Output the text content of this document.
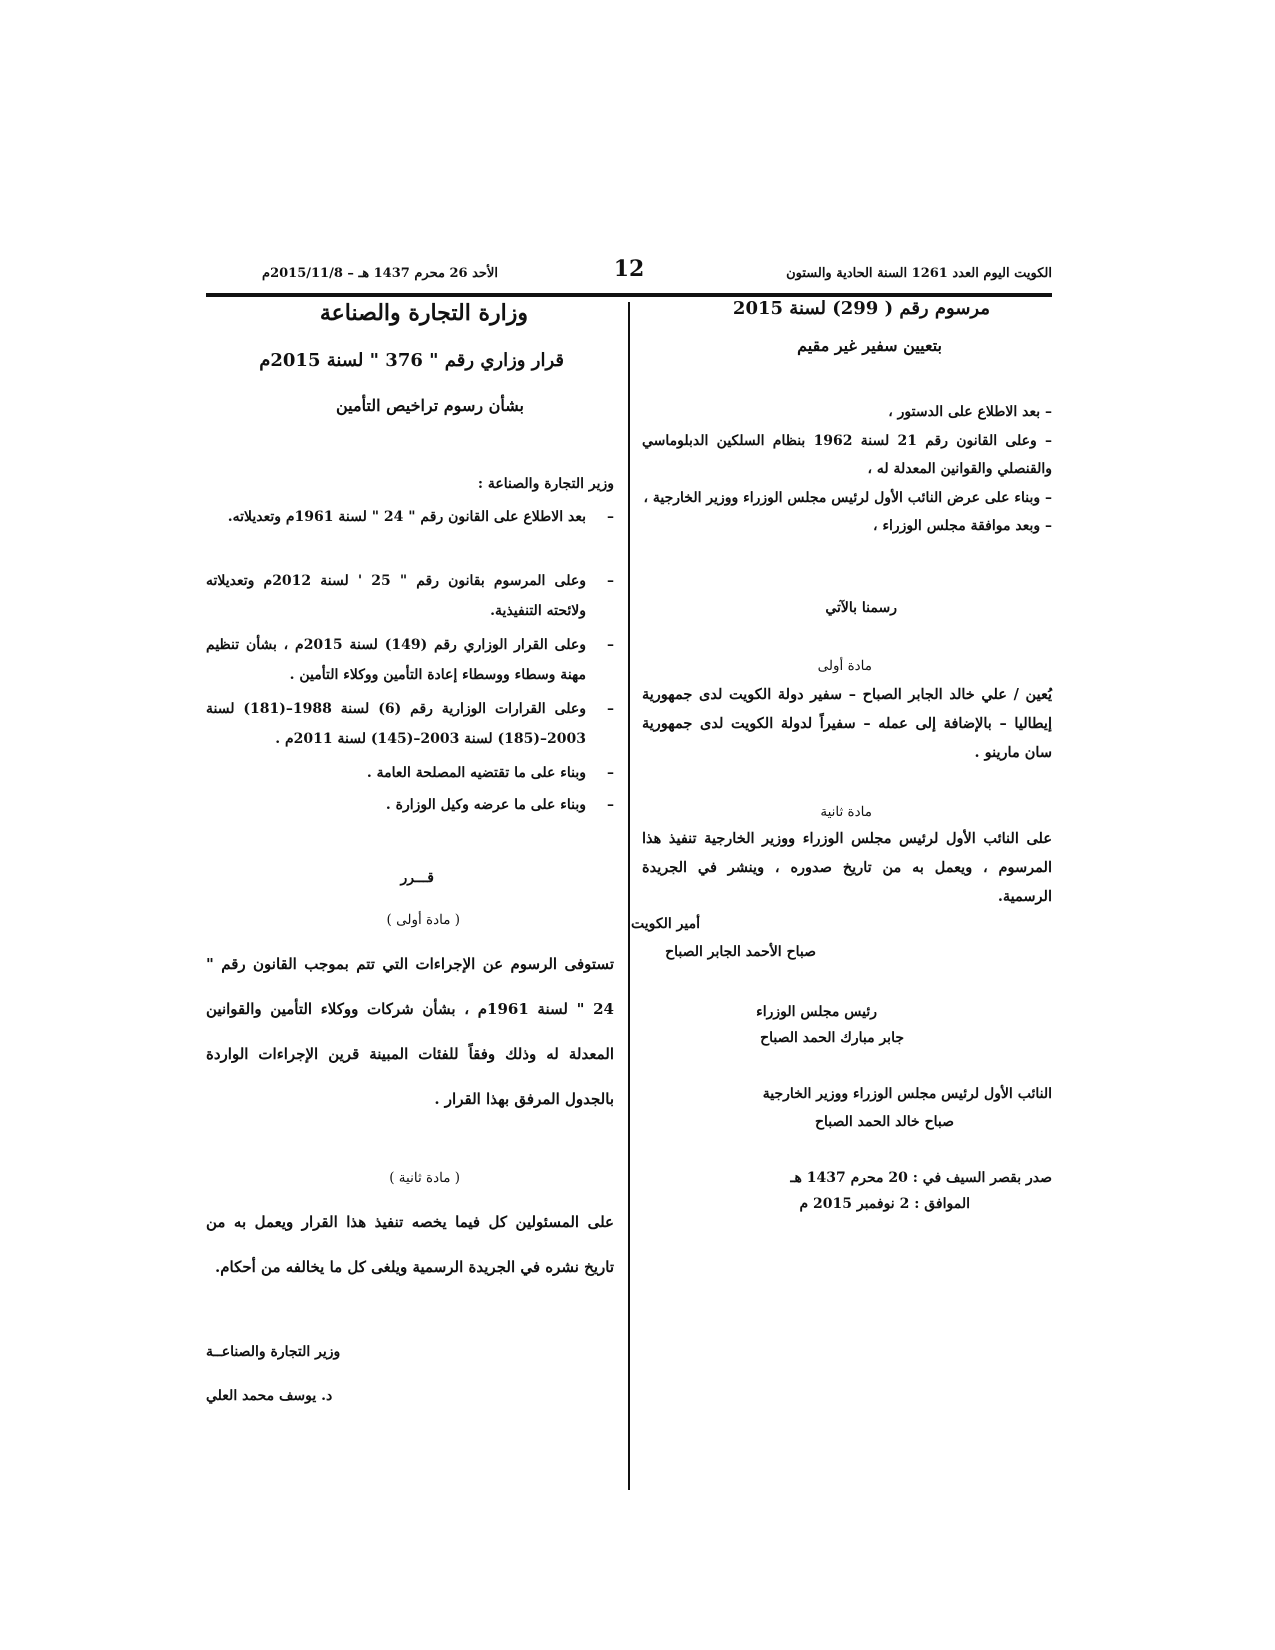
الكويت اليوم العدد 1261 السنة الحادية والستون
12
الأحد 26 محرم 1437 هـ – 2015/11/8م
مرسوم رقم ( 299) لسنة 2015
بتعيين سفير غير مقيم
– بعد الاطلاع على الدستور ،
– وعلى القانون رقم 21 لسنة 1962 بنظام السلكين الدبلوماسي والقنصلي والقوانين المعدلة له ،
– وبناء على عرض النائب الأول لرئيس مجلس الوزراء ووزير الخارجية ،
– وبعد موافقة مجلس الوزراء ،
رسمنا بالآتي
مادة أولى
يُعين / علي خالد الجابر الصباح – سفير دولة الكويت لدى جمهورية إيطاليا – بالإضافة إلى عمله – سفيراً لدولة الكويت لدى جمهورية سان مارينو .
مادة ثانية
على النائب الأول لرئيس مجلس الوزراء ووزير الخارجية تنفيذ هذا المرسوم ، ويعمل به من تاريخ صدوره ، وينشر في الجريدة الرسمية.
أمير الكويت
صباح الأحمد الجابر الصباح
رئيس مجلس الوزراء
جابر مبارك الحمد الصباح
النائب الأول لرئيس مجلس الوزراء ووزير الخارجية
صباح خالد الحمد الصباح
صدر بقصر السيف في : 20 محرم 1437 هـ
الموافق : 2 نوفمبر 2015 م
وزارة التجارة والصناعة
قرار وزاري رقم " 376 " لسنة 2015م
بشأن رسوم تراخيص التأمين
وزير التجارة والصناعة :
–
بعد الاطلاع على القانون رقم " 24 " لسنة 1961م وتعديلاته.
–
وعلى المرسوم بقانون رقم " 25 ' لسنة 2012م وتعديلاته ولائحته التنفيذية.
–
وعلى القرار الوزاري رقم (149) لسنة 2015م ، بشأن تنظيم مهنة وسطاء ووسطاء إعادة التأمين ووكلاء التأمين .
–
وعلى القرارات الوزارية رقم (6) لسنة 1988–(181) لسنة 2003–(185) لسنة 2003–(145) لسنة 2011م .
–
وبناء على ما تقتضيه المصلحة العامة .
–
وبناء على ما عرضه وكيل الوزارة .
قـــرر
( مادة أولى )
تستوفى الرسوم عن الإجراءات التي تتم بموجب القانون رقم " 24 " لسنة 1961م ، بشأن شركات ووكلاء التأمين والقوانين المعدلة له وذلك وفقاً للفئات المبينة قرين الإجراءات الواردة بالجدول المرفق بهذا القرار .
( مادة ثانية )
على المسئولين كل فيما يخصه تنفيذ هذا القرار ويعمل به من تاريخ نشره في الجريدة الرسمية ويلغى كل ما يخالفه من أحكام.
وزير التجارة والصناعــة
د. يوسف محمد العلي
